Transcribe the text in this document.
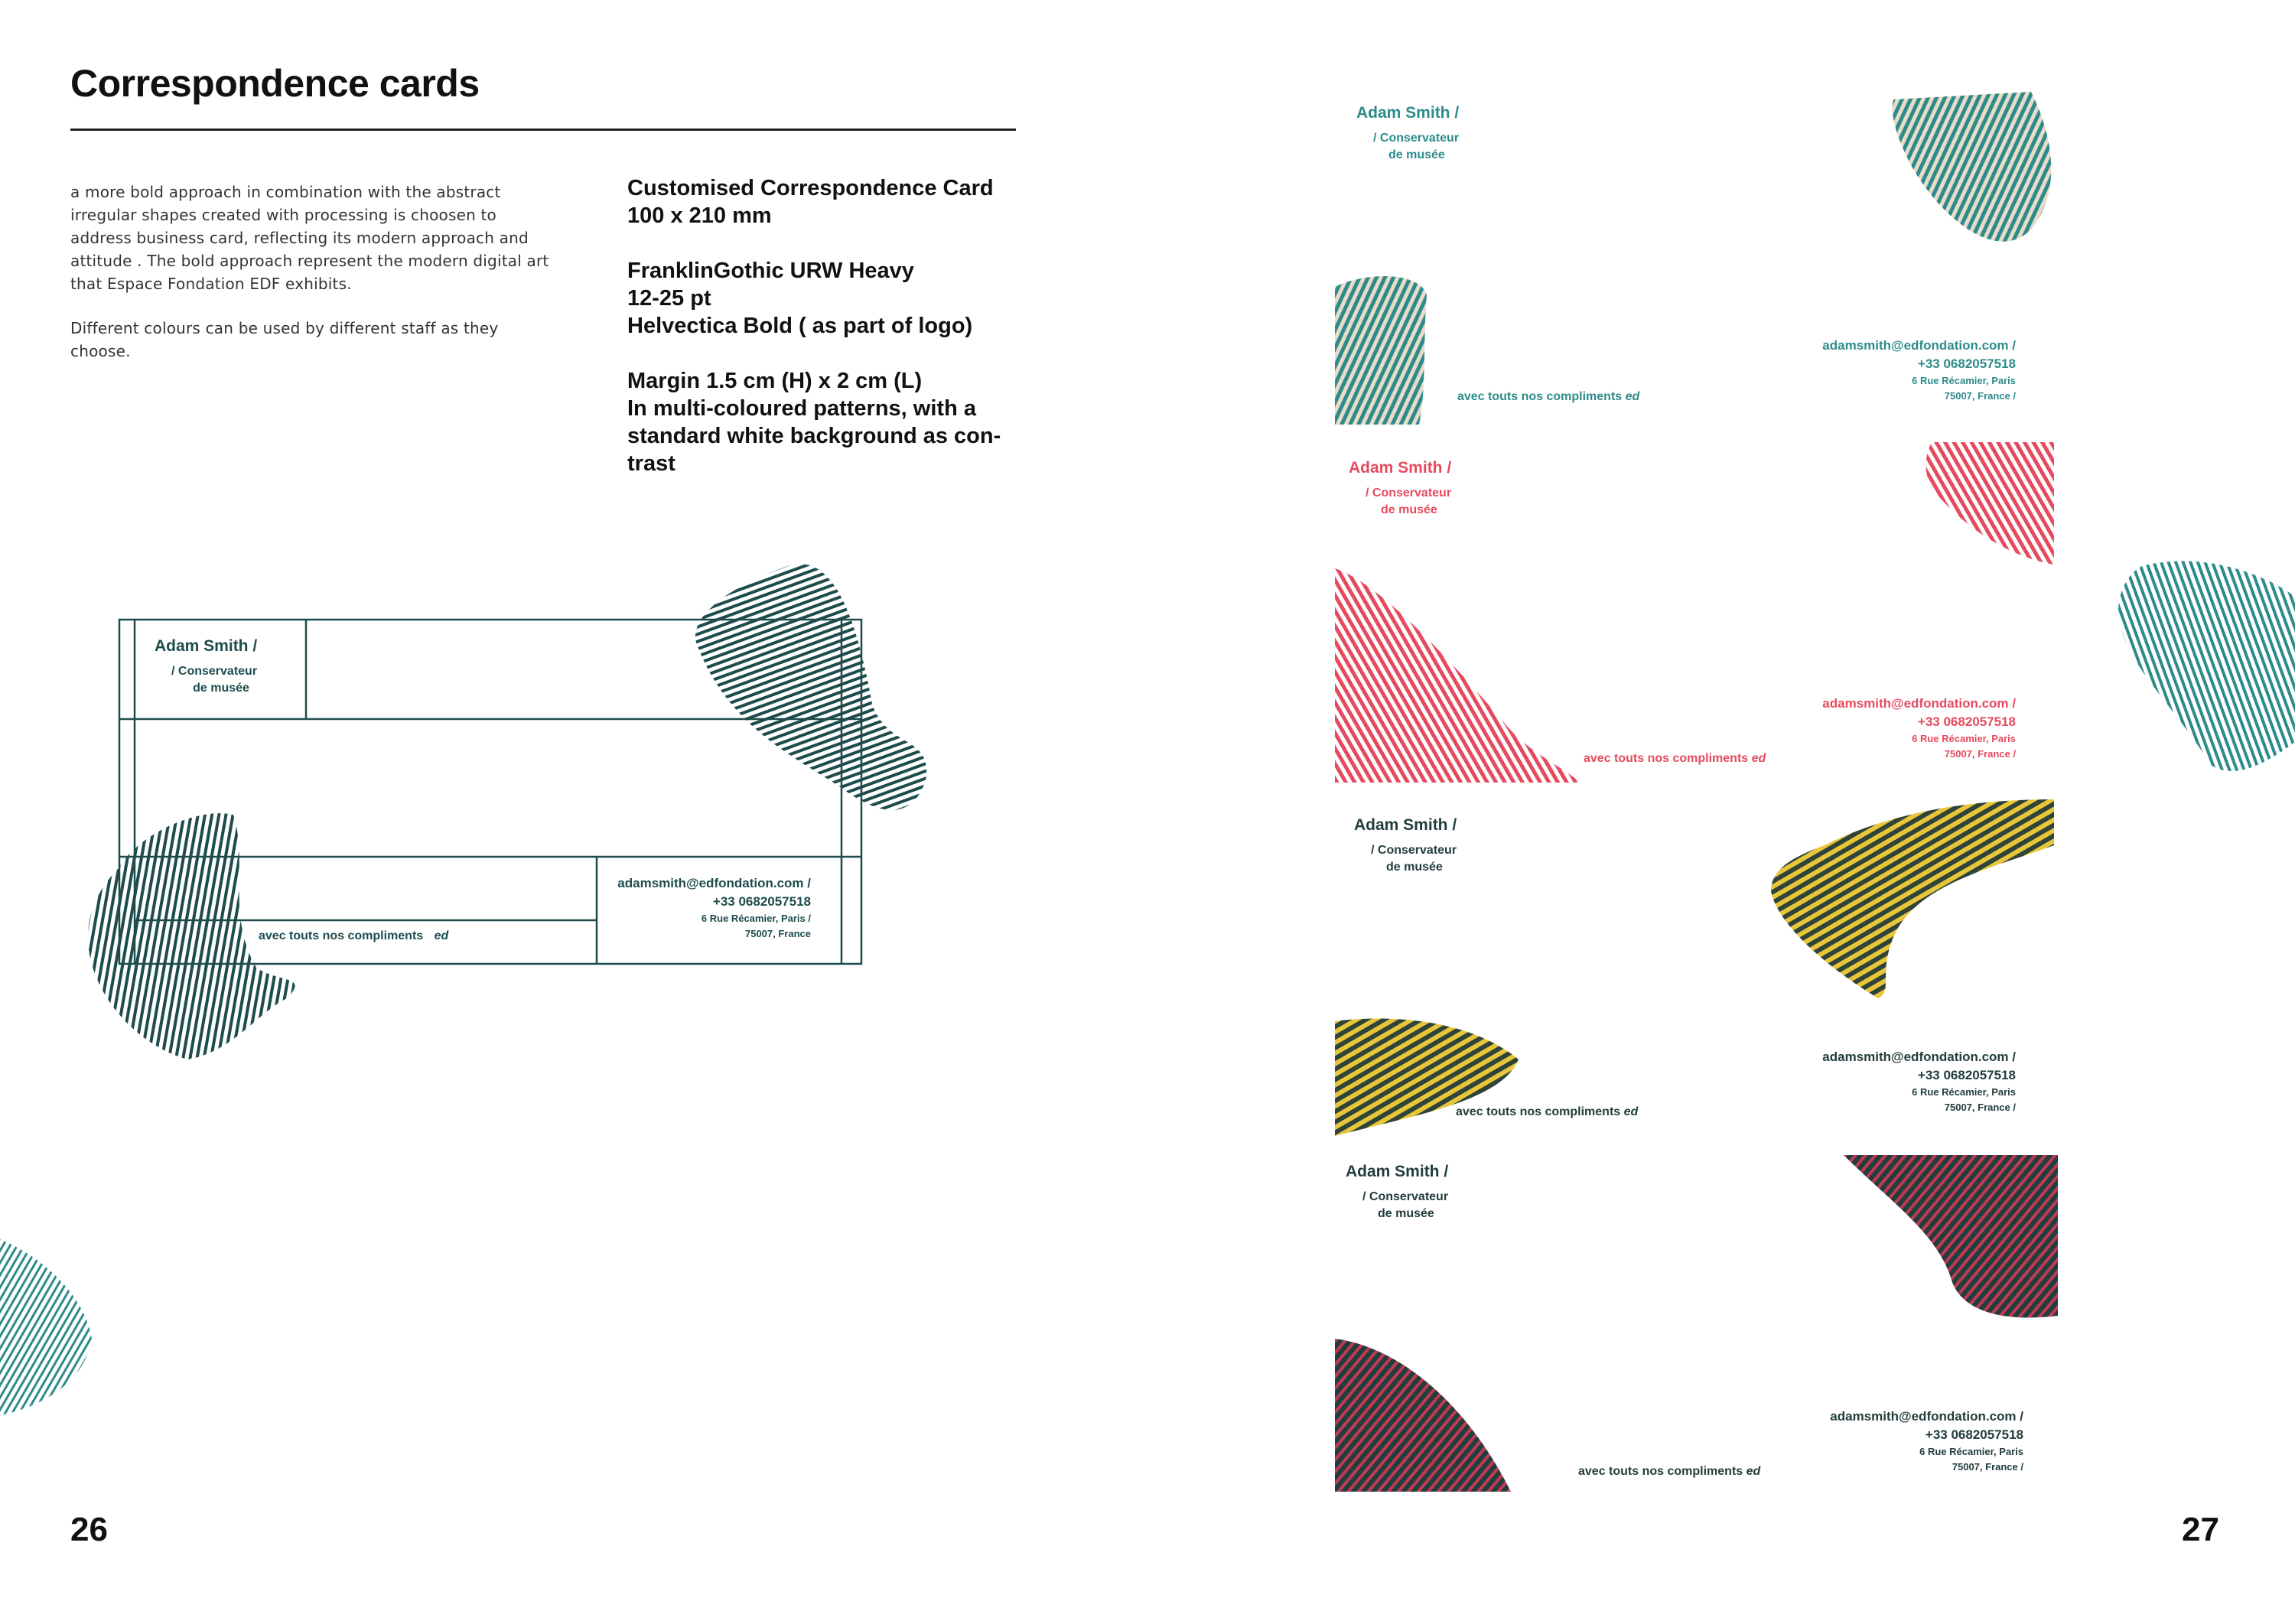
Correspondence cards

a more bold approach in combination with the abstract irregular shapes created with processing is choosen to address business card, reflecting its modern approach and attitude . The bold approach represent the modern digital art that Espace Fondation EDF exhibits.

Different colours can be used by different staff as they choose.

Customised Correspondence Card
100 x 210 mm

FranklinGothic URW Heavy
12-25 pt
Helvectica Bold ( as part of logo)

Margin 1.5 cm (H) x 2 cm (L)
In multi-coloured patterns, with a
standard white background as con-
trast

Adam Smith /
/ Conservateur
de musée
avec touts nos compliments ed
adamsmith@edfondation.com /
+33 0682057518
6 Rue Récamier, Paris /
75007, France
26
Adam Smith /
/ Conservateur
de musée
avec touts nos compliments ed
adamsmith@edfondation.com /
+33 0682057518
6 Rue Récamier, Paris
75007, France /
Adam Smith /
/ Conservateur
de musée
avec touts nos compliments ed
adamsmith@edfondation.com /
+33 0682057518
6 Rue Récamier, Paris
75007, France /
Adam Smith /
/ Conservateur
de musée
avec touts nos compliments ed
adamsmith@edfondation.com /
+33 0682057518
6 Rue Récamier, Paris
75007, France /
Adam Smith /
/ Conservateur
de musée
avec touts nos compliments ed
adamsmith@edfondation.com /
+33 0682057518
6 Rue Récamier, Paris
75007, France /
27
